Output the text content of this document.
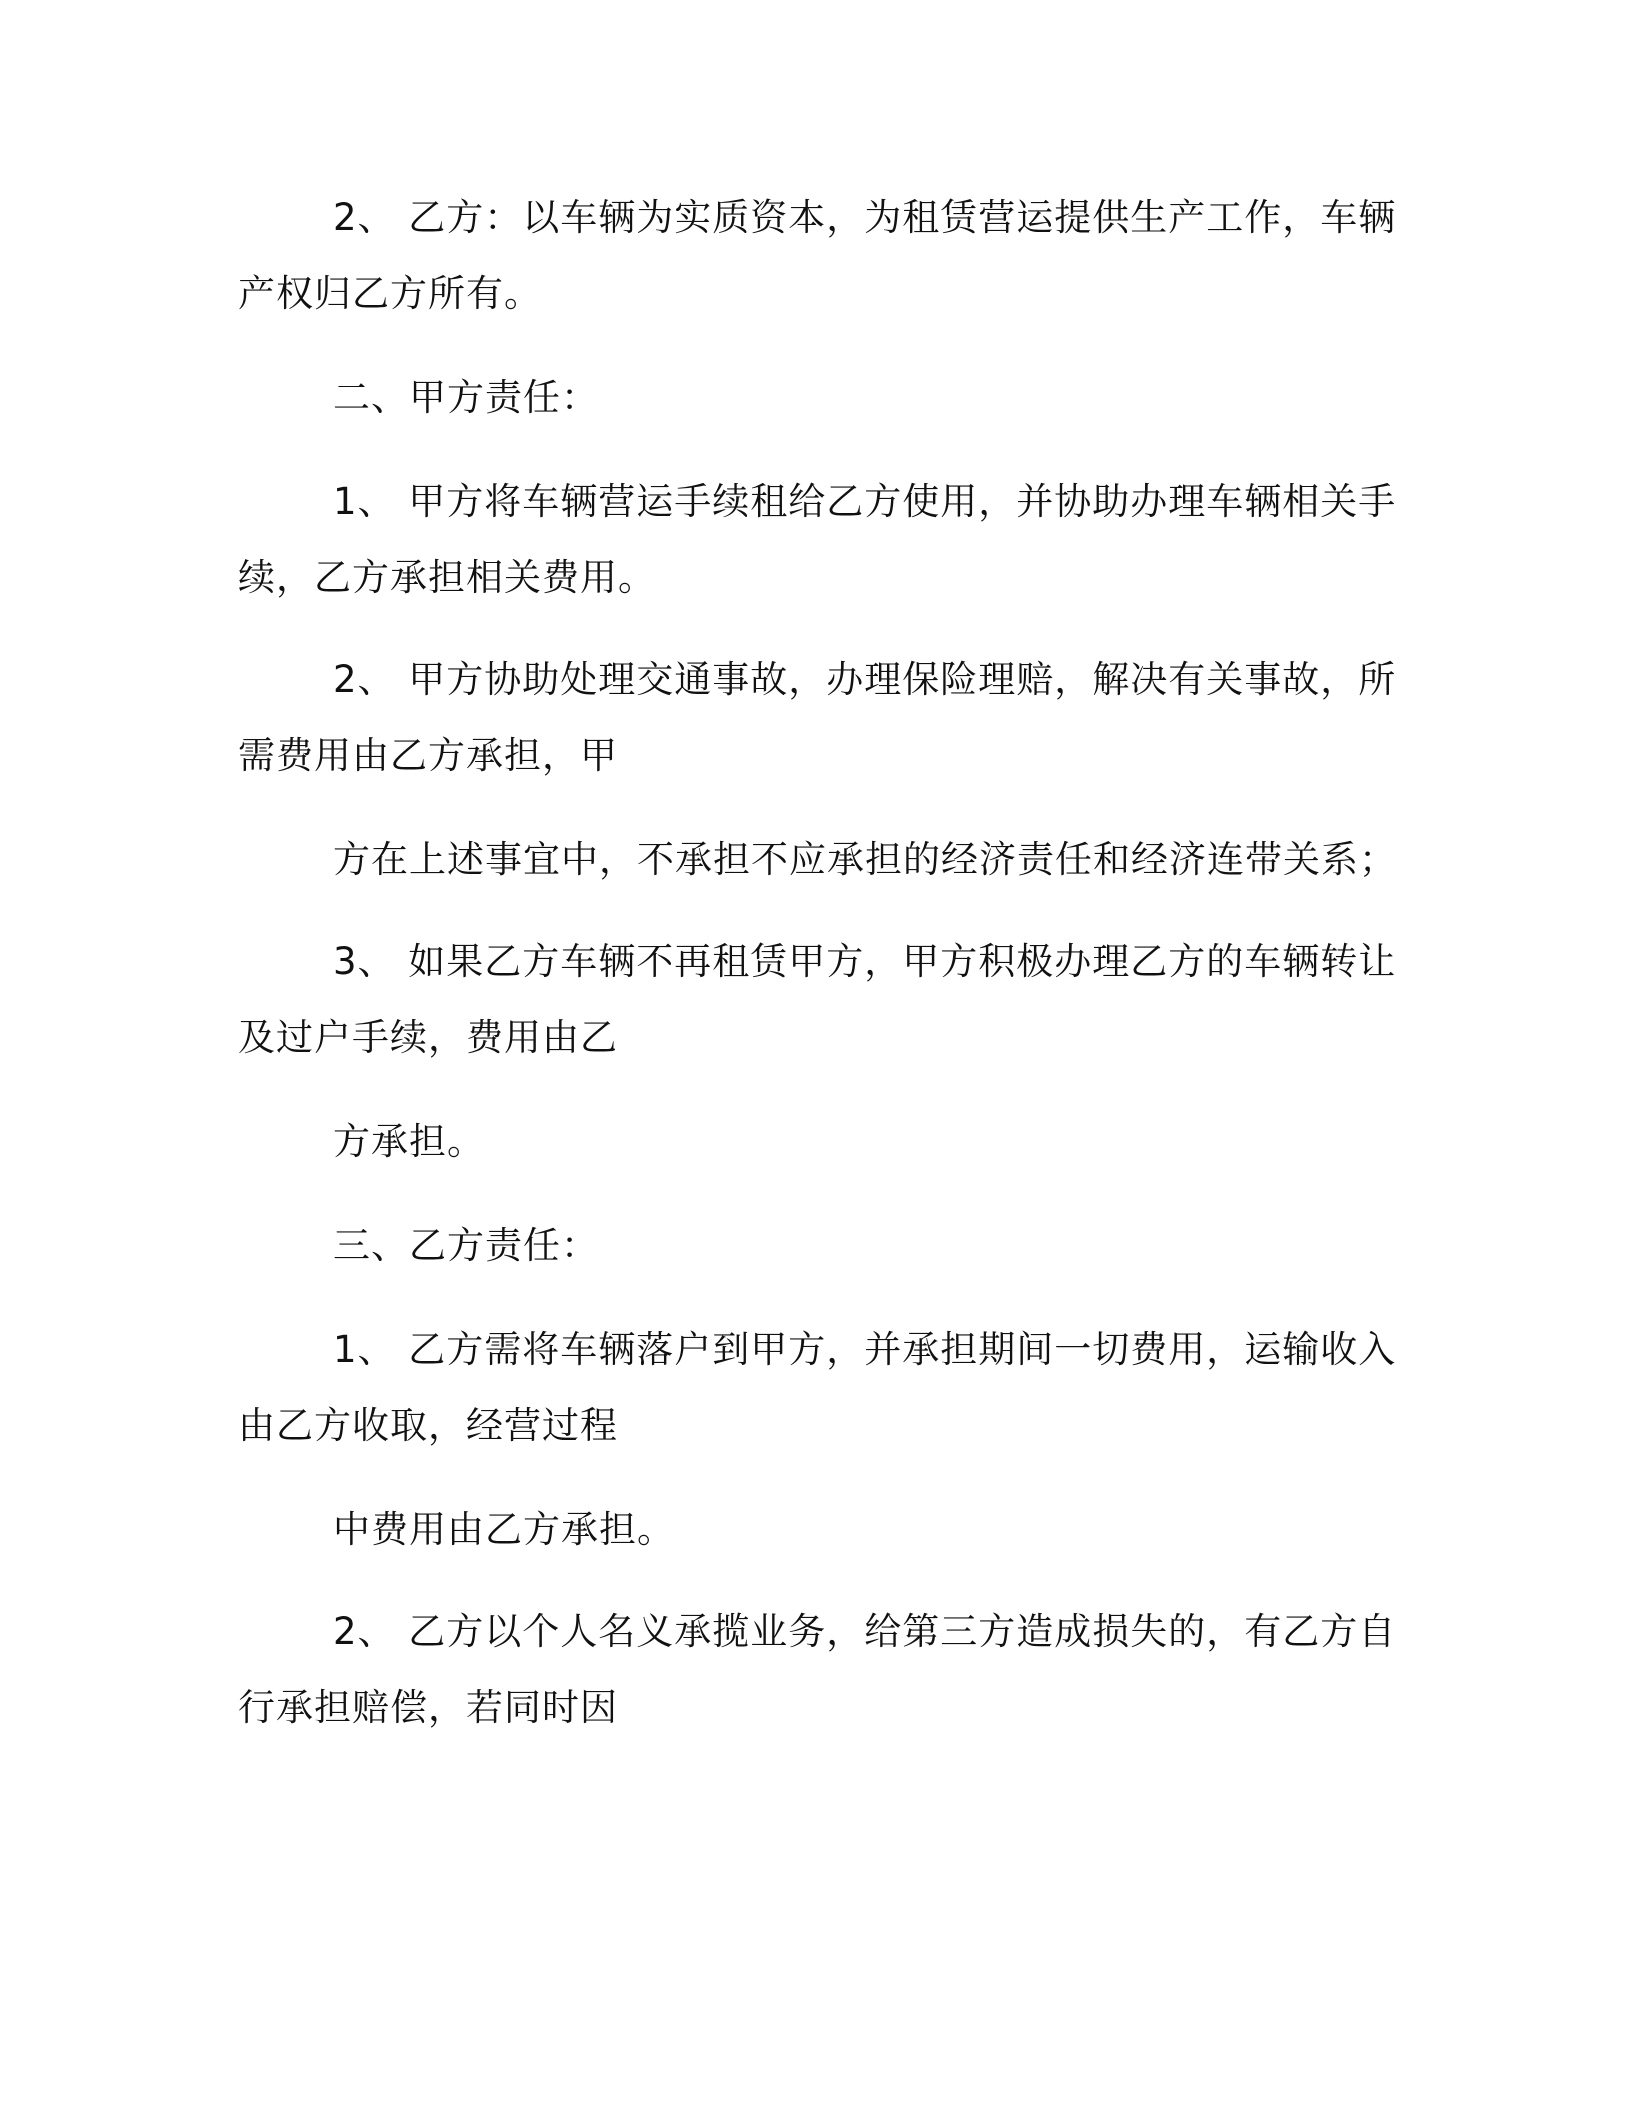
2、 乙方：以车辆为实质资本，为租赁营运提供生产工作，车辆
产权归乙方所有。
二、甲方责任：
1、 甲方将车辆营运手续租给乙方使用，并协助办理车辆相关手
续，乙方承担相关费用。
2、 甲方协助处理交通事故，办理保险理赔，解决有关事故，所
需费用由乙方承担，甲
方在上述事宜中，不承担不应承担的经济责任和经济连带关系；
3、 如果乙方车辆不再租赁甲方，甲方积极办理乙方的车辆转让
及过户手续，费用由乙
方承担。
三、乙方责任：
1、 乙方需将车辆落户到甲方，并承担期间一切费用，运输收入
由乙方收取，经营过程
中费用由乙方承担。
2、 乙方以个人名义承揽业务，给第三方造成损失的，有乙方自
行承担赔偿，若同时因
